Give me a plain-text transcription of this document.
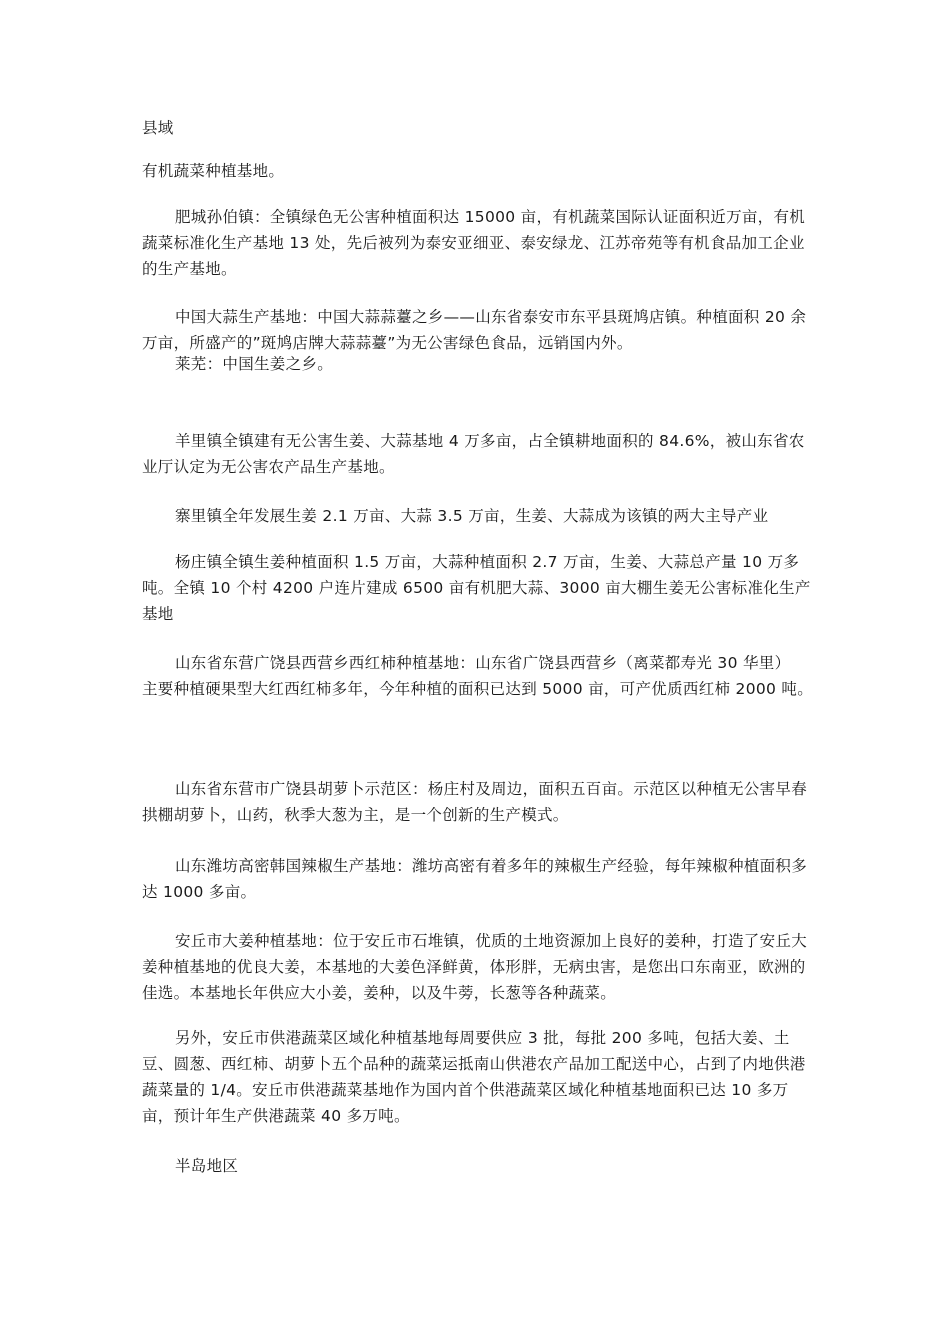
县域

有机蔬菜种植基地。

肥城孙伯镇：全镇绿色无公害种植面积达 15000 亩，有机蔬菜国际认证面积近万亩，有机蔬菜标准化生产基地 13 处，先后被列为泰安亚细亚、泰安绿龙、江苏帝苑等有机食品加工企业的生产基地。

中国大蒜生产基地：中国大蒜蒜薹之乡——山东省泰安市东平县斑鸠店镇。种植面积 20 余万亩，所盛产的”斑鸠店牌大蒜蒜薹”为无公害绿色食品，远销国内外。

莱芜：中国生姜之乡。

羊里镇全镇建有无公害生姜、大蒜基地 4 万多亩，占全镇耕地面积的 84.6%，被山东省农业厅认定为无公害农产品生产基地。

寨里镇全年发展生姜 2.1 万亩、大蒜 3.5 万亩，生姜、大蒜成为该镇的两大主导产业

杨庄镇全镇生姜种植面积 1.5 万亩，大蒜种植面积 2.7 万亩，生姜、大蒜总产量 10 万多吨。全镇 10 个村 4200 户连片建成 6500 亩有机肥大蒜、3000 亩大棚生姜无公害标准化生产基地

山东省东营广饶县西营乡西红柿种植基地：山东省广饶县西营乡（离菜都寿光 30 华里）
主要种植硬果型大红西红柿多年，今年种植的面积已达到 5000 亩，可产优质西红柿 2000 吨。

山东省东营市广饶县胡萝卜示范区：杨庄村及周边，面积五百亩。示范区以种植无公害早春拱棚胡萝卜，山药，秋季大葱为主，是一个创新的生产模式。

山东潍坊高密韩国辣椒生产基地：潍坊高密有着多年的辣椒生产经验，每年辣椒种植面积多达 1000 多亩。

安丘市大姜种植基地：位于安丘市石堆镇，优质的土地资源加上良好的姜种，打造了安丘大姜种植基地的优良大姜，本基地的大姜色泽鲜黄，体形胖，无病虫害，是您出口东南亚，欧洲的佳选。本基地长年供应大小姜，姜种，以及牛蒡，长葱等各种蔬菜。

另外，安丘市供港蔬菜区域化种植基地每周要供应 3 批，每批 200 多吨，包括大姜、土豆、圆葱、西红柿、胡萝卜五个品种的蔬菜运抵南山供港农产品加工配送中心，占到了内地供港蔬菜量的 1/4。安丘市供港蔬菜基地作为国内首个供港蔬菜区域化种植基地面积已达 10 多万亩，预计年生产供港蔬菜 40 多万吨。

半岛地区
